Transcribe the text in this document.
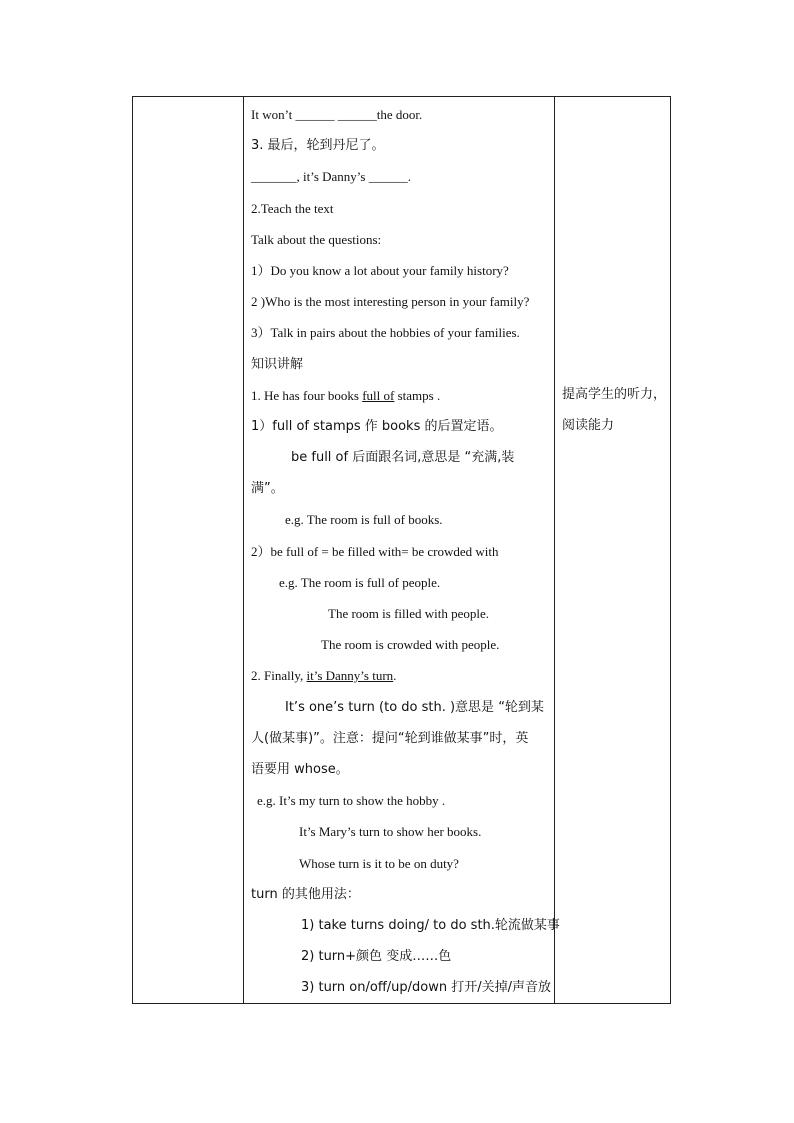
It won’t ______ ______the door.
3. 最后，轮到丹尼了。
_______, it’s Danny’s ______.
2.Teach the text
Talk about the questions:
1）Do you know a lot about your family history?
2 )Who is the most interesting person in your family?
3）Talk in pairs about the hobbies of your families.
知识讲解
1. He has four books full of stamps .
1）full of stamps 作 books 的后置定语。
be full of 后面跟名词,意思是 “充满,装
满”。
e.g. The room is full of books.
2）be full of = be filled with= be crowded with
e.g. The room is full of people.
The room is filled with people.
The room is crowded with people.
2. Finally, it’s Danny’s turn.
It’s one’s turn (to do sth. )意思是 “轮到某
人(做某事)”。注意：提问“轮到谁做某事”时，英
语要用 whose。
e.g. It’s my turn to show the hobby .
It’s Mary’s turn to show her books.
Whose turn is it to be on duty?
turn 的其他用法：
1) take turns doing/ to do sth.轮流做某事
2) turn+颜色 变成……色
3) turn on/off/up/down 打开/关掉/声音放

提高学生的听力，
阅读能力
